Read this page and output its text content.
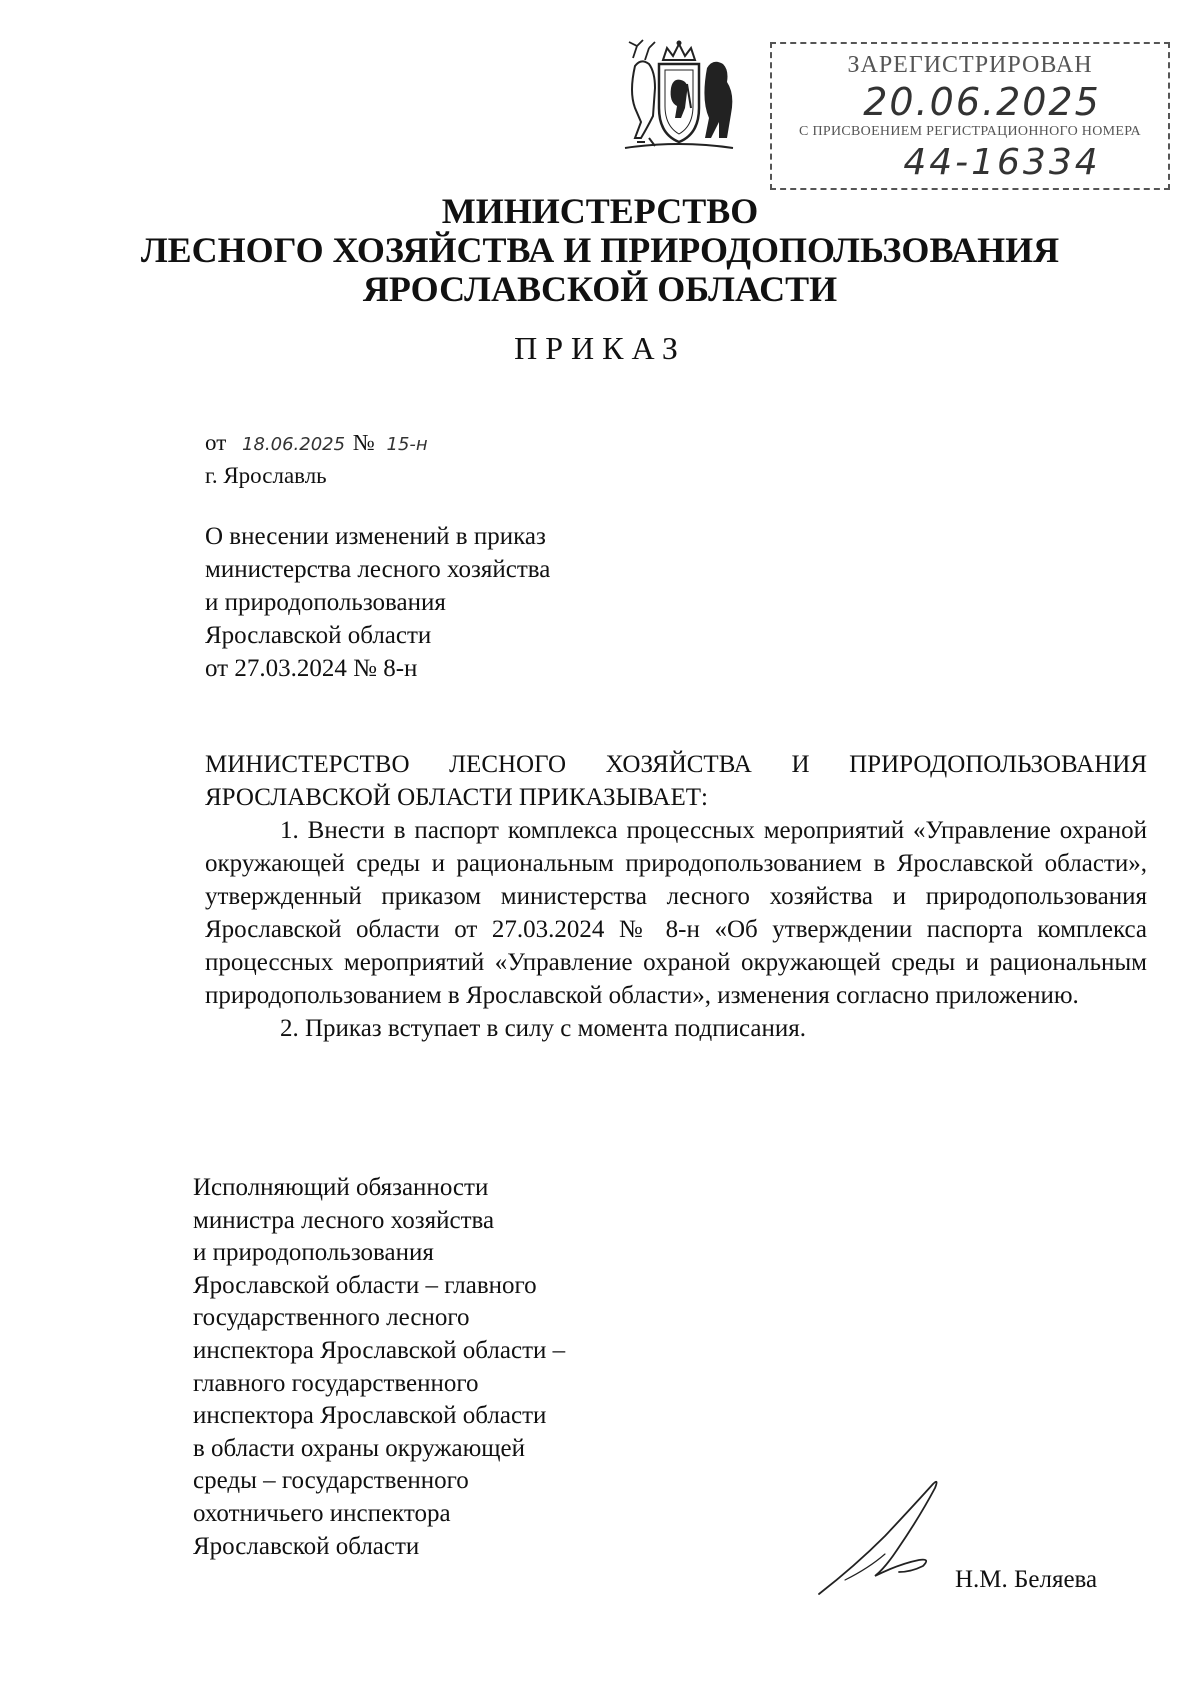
ЗАРЕГИСТРИРОВАН
20.06.2025
С ПРИСВОЕНИЕМ РЕГИСТРАЦИОННОГО НОМЕРА
44-16334
МИНИСТЕРСТВО
ЛЕСНОГО ХОЗЯЙСТВА И ПРИРОДОПОЛЬЗОВАНИЯ
ЯРОСЛАВСКОЙ ОБЛАСТИ
ПРИКАЗ
от 18.06.2025 № 15-н
г. Ярославль
О внесении изменений в приказ
министерства лесного хозяйства
и природопользования
Ярославской области
от 27.03.2024 № 8-н

МИНИСТЕРСТВО ЛЕСНОГО ХОЗЯЙСТВА И ПРИРОДОПОЛЬЗОВАНИЯ ЯРОСЛАВСКОЙ ОБЛАСТИ ПРИКАЗЫВАЕТ:

1. Внести в паспорт комплекса процессных мероприятий «Управление охраной окружающей среды и рациональным природопользованием в Ярославской области», утвержденный приказом министерства лесного хозяйства и природопользования Ярославской области от 27.03.2024 № 8-н «Об утверждении паспорта комплекса процессных мероприятий «Управление охраной окружающей среды и рациональным природопользованием в Ярославской области», изменения согласно приложению.

2. Приказ вступает в силу с момента подписания.

Исполняющий обязанности
министра лесного хозяйства
и природопользования
Ярославской области – главного
государственного лесного
инспектора Ярославской области –
главного государственного
инспектора Ярославской области
в области охраны окружающей
среды – государственного
охотничьего инспектора
Ярославской области
Н.М. Беляева
